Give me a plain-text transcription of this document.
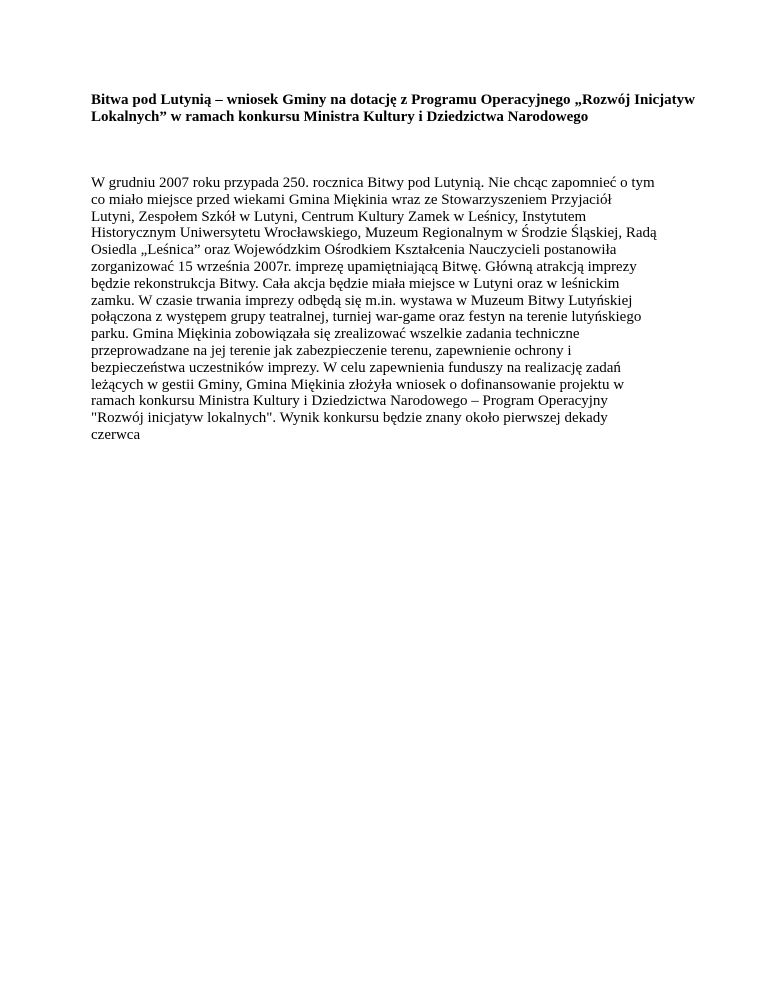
Bitwa pod Lutynią – wniosek Gminy na dotację z Programu Operacyjnego „Rozwój Inicjatyw Lokalnych” w ramach konkursu Ministra Kultury i Dziedzictwa Narodowego

W grudniu 2007 roku przypada 250. rocznica Bitwy pod Lutynią. Nie chcąc zapomnieć o tym
co miało miejsce przed wiekami Gmina Miękinia wraz ze Stowarzyszeniem Przyjaciół
Lutyni, Zespołem Szkół w Lutyni, Centrum Kultury Zamek w Leśnicy, Instytutem
Historycznym Uniwersytetu Wrocławskiego, Muzeum Regionalnym w Środzie Śląskiej, Radą
Osiedla „Leśnica” oraz Wojewódzkim Ośrodkiem Kształcenia Nauczycieli postanowiła
zorganizować 15 września 2007r. imprezę upamiętniającą Bitwę. Główną atrakcją imprezy
będzie rekonstrukcja Bitwy. Cała akcja będzie miała miejsce w Lutyni oraz w leśnickim
zamku. W czasie trwania imprezy odbędą się m.in. wystawa w Muzeum Bitwy Lutyńskiej
połączona z występem grupy teatralnej, turniej war-game oraz festyn na terenie lutyńskiego
parku. Gmina Miękinia zobowiązała się zrealizować wszelkie zadania techniczne
przeprowadzane na jej terenie jak zabezpieczenie terenu, zapewnienie ochrony i
bezpieczeństwa uczestników imprezy. W celu zapewnienia funduszy na realizację zadań
leżących w gestii Gminy, Gmina Miękinia złożyła wniosek o dofinansowanie projektu w
ramach konkursu Ministra Kultury i Dziedzictwa Narodowego – Program Operacyjny
"Rozwój inicjatyw lokalnych". Wynik konkursu będzie znany około pierwszej dekady
czerwca
